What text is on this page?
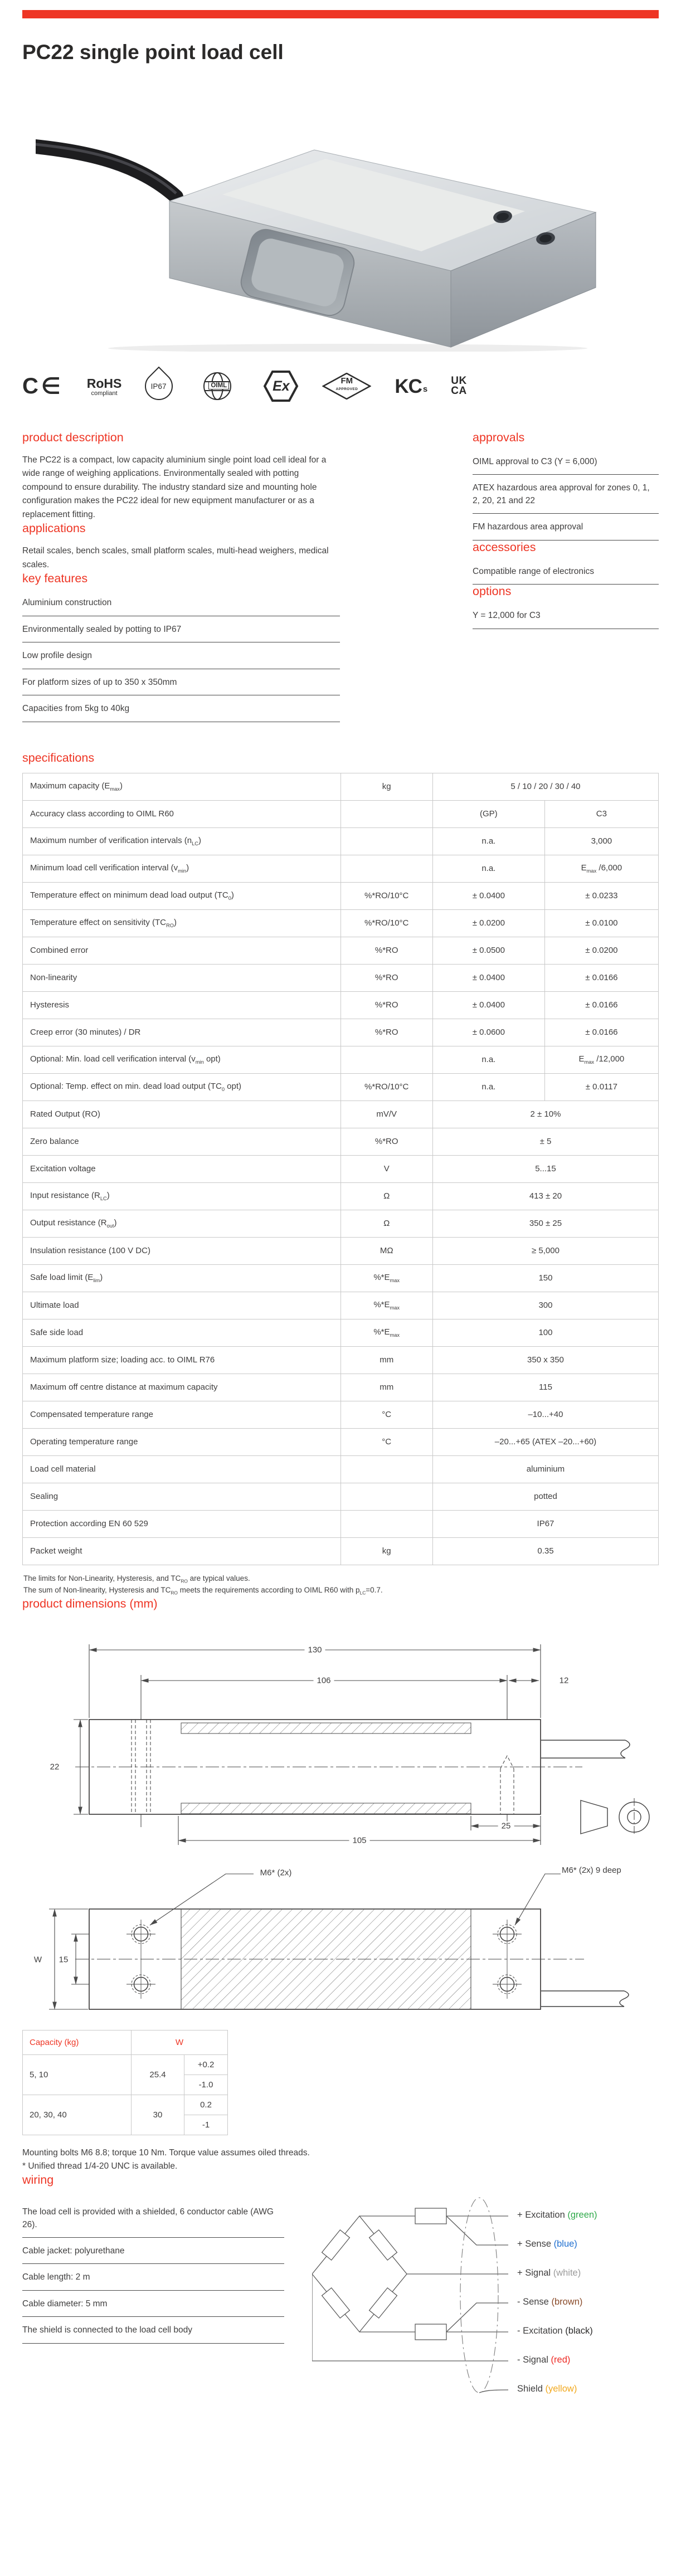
PC22 single point load cell
C∈ RoHS
compliant
IP67	OIML	Ex	FM
APPROVED	KC s
UK
CA
product description

The PC22 is a compact, low capacity aluminium single point load cell ideal for a wide range of weighing applications. Environmentally sealed with potting compound to ensure durability. The industry standard size and mounting hole configuration makes the PC22 ideal for new equipment manufacturer or as a replacement fitting.

applications

Retail scales, bench scales, small platform scales, multi-head weighers, medical scales.

key features
Aluminium construction
Environmentally sealed by potting to IP67
Low profile design
For platform sizes of up to 350 x 350mm
Capacities from 5kg to 40kg
approvals
OIML approval to C3 (Y = 6,000)
ATEX hazardous area approval for zones 0, 1, 2, 20, 21 and 22
FM hazardous area approval
accessories
Compatible range of electronics
options
Y = 12,000 for C3
specifications
Maximum capacity $(E_{max})$	kg	5 / 10 / 20 / 30 / 40	
Accuracy class according to OIML R60		(GP)	C3
Maximum number of verification intervals $(n_{LC})$		n.a.	3,000
Minimum load cell verification interval $(v_{min})$		n.a.	$E_{max}$ /6,000
Temperature effect on minimum dead load output $(TC_0)$	%*RO/10°C	± 0.0400	± 0.0233
Temperature effect on sensitivity $(TC_{RO})$	%*RO/10°C	± 0.0200	± 0.0100
Combined error	%*RO	± 0.0500	± 0.0200
Non-linearity	%*RO	± 0.0400	± 0.0166
Hysteresis	%*RO	± 0.0400	± 0.0166
Creep error (30 minutes) / DR	%*RO	± 0.0600	± 0.0166
Optional: Min. load cell verification interval ($v_{min}$ opt)		n.a.	$E_{max}$ /12,000
Optional: Temp. effect on min. dead load output ($TC_0$ opt)	%*RO/10°C	n.a.	± 0.0117
Rated Output (RO)	mV/V	2 ± 10%	
Zero balance	%*RO	± 5	
Excitation voltage	V	5...15	
Input resistance $(R_{LC})$	Ω	413 ± 20	
Output resistance $(R_{out})$	Ω	350 ± 25	
Insulation resistance (100 V DC)	MΩ	≥ 5,000	
Safe load limit $(E_{lim})$	$\%*E_{max}$	150	
Ultimate load	$\%*E_{max}$	300	
Safe side load	$\%*E_{max}$	100	
Maximum platform size; loading acc. to OIML R76	mm	350 x 350	
Maximum off centre distance at maximum capacity	mm	115	
Compensated temperature range	°C	–10...+40	
Operating temperature range	°C	–20...+65 (ATEX –20...+60)	
Load cell material		aluminium	
Sealing		potted	
Protection according EN 60 529		IP67	
Packet weight	kg	0.35	

The limits for Non-Linearity, Hysteresis, and $TC_{RO}$ are typical values.

The sum of Non-linearity, Hysteresis and $TC_{RO}$ meets the requirements according to OIML R60 with $p_{LC}=0.7$.

product dimensions (mm)
130
106	12
22
25
105
M6* (2x)	M6* (2x) 9 deep
W	15
Capacity (kg)	W	
5, 10	25.4	+0.2
		-1.0
20, 30, 40	30	0.2
		-1

Mounting bolts M6 8.8; torque 10 Nm. Torque value assumes oiled threads.

* Unified thread 1/4-20 UNC is available.

wiring
The load cell is provided with a shielded, 6 conductor cable (AWG 26).
Cable jacket: polyurethane
Cable length: 2 m
Cable diameter: 5 mm
The shield is connected to the load cell body
+ Excitation (green)
+ Sense (blue)
+ Signal (white)
- Sense (brown)
- Excitation (black)
- Signal (red)
Shield (yellow)
